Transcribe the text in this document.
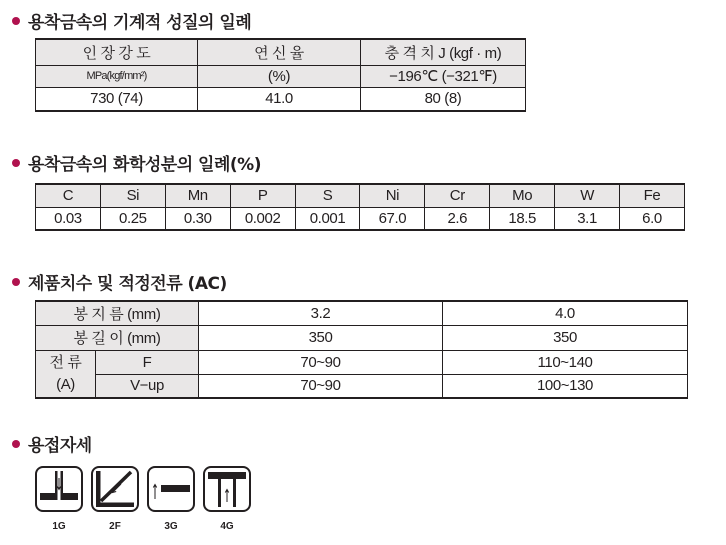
용착금속의 기계적 성질의 일례
인 장 강 도	연 신 율	충 격 치 J (kgf · m)
MPa(kgf/mm²)	(%)	−196℃ (−321℉)
730 (74)	41.0	80 (8)
용착금속의 화학성분의 일례(%)
C	Si	Mn	P	S	Ni	Cr	Mo	W	Fe
0.03	0.25	0.30	0.002	0.001	67.0	2.6	18.5	3.1	6.0
제품치수 및 적정전류 (AC)
봉 지 름 (mm)		3.2	4.0
봉 길 이 (mm)		350	350

전 류
(A)	F	70~90	110~140
	V−up	70~90	100~130
용접자세
1G	2F	3G	4G
